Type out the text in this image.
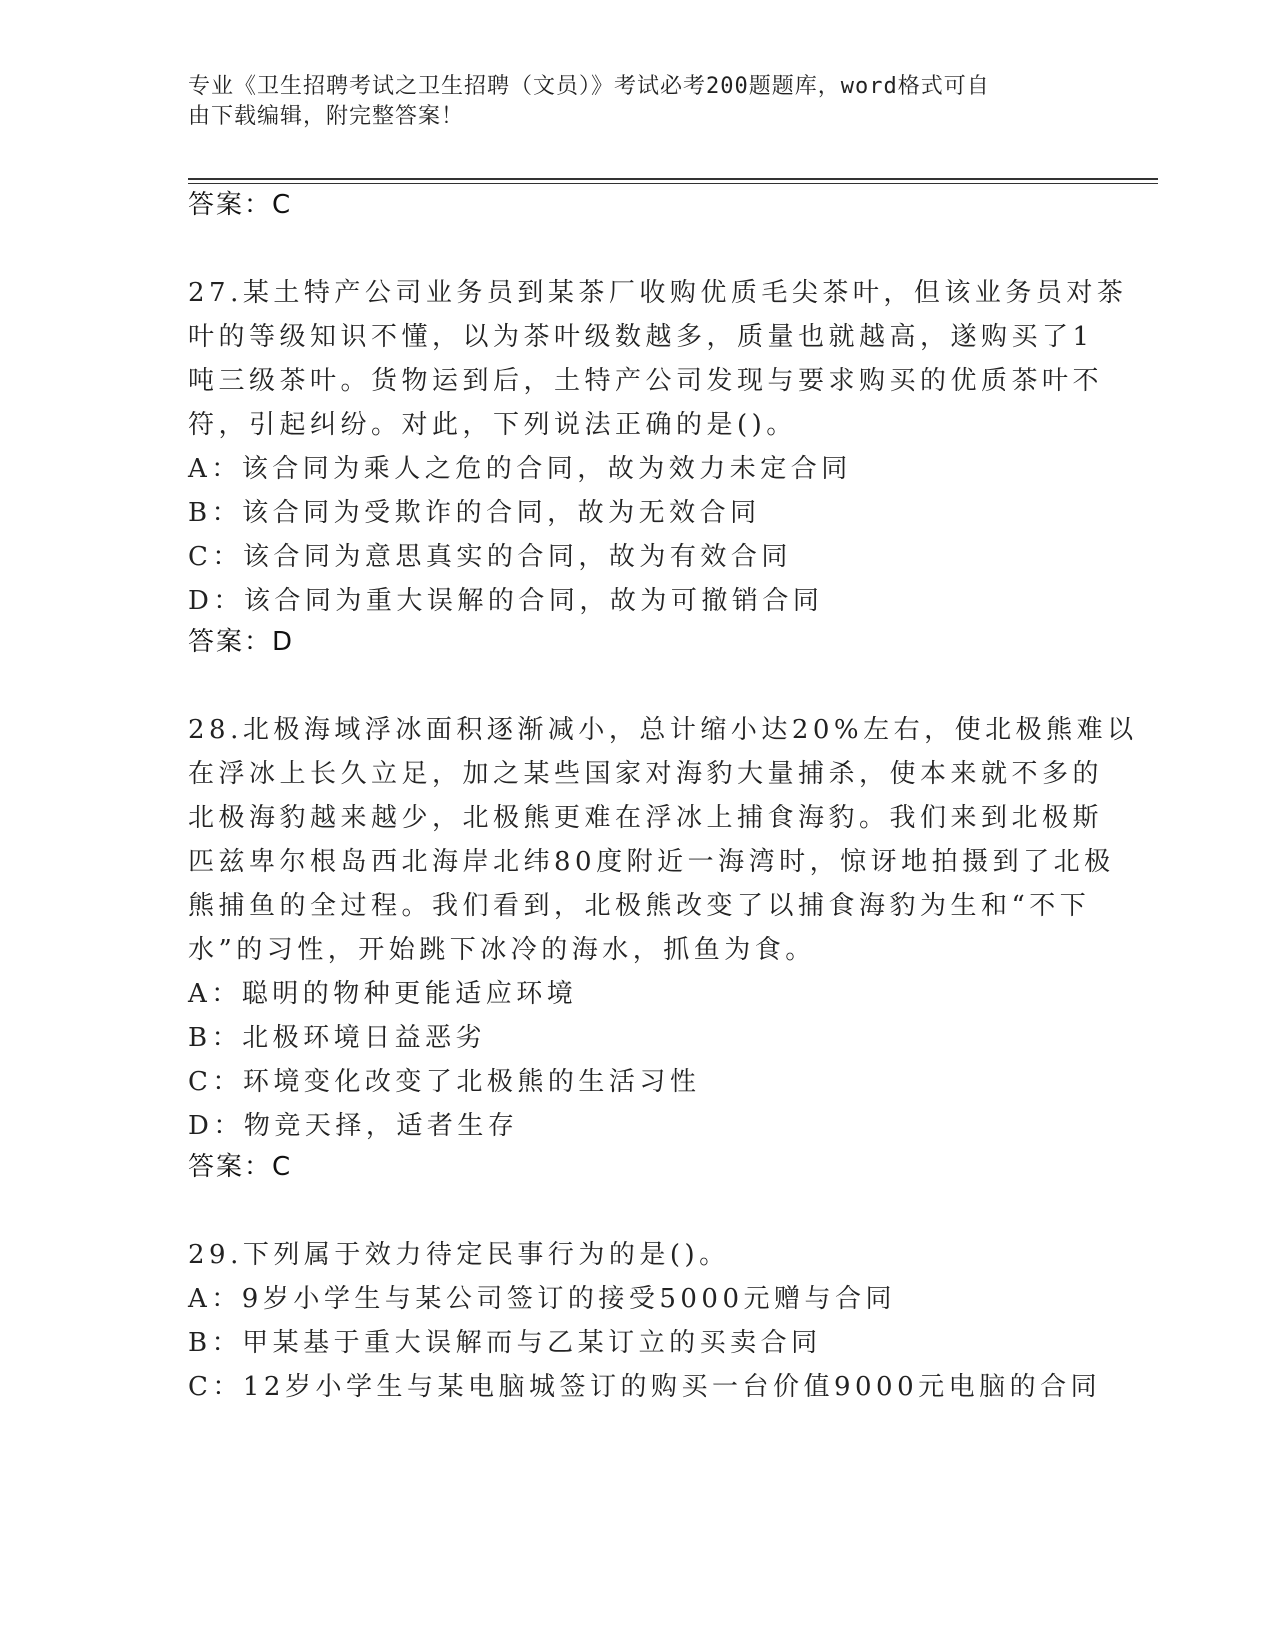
专业《卫生招聘考试之卫生招聘（文员）》考试必考200题题库，word格式可自

由下载编辑，附完整答案！

答案：C
27.某土特产公司业务员到某茶厂收购优质毛尖茶叶，但该业务员对茶
叶的等级知识不懂，以为茶叶级数越多，质量也就越高，遂购买了1
吨三级茶叶。货物运到后，土特产公司发现与要求购买的优质茶叶不
符，引起纠纷。对此，下列说法正确的是()。
A：该合同为乘人之危的合同，故为效力未定合同
B：该合同为受欺诈的合同，故为无效合同
C：该合同为意思真实的合同，故为有效合同
D：该合同为重大误解的合同，故为可撤销合同
答案：D
28.北极海域浮冰面积逐渐减小，总计缩小达20%左右，使北极熊难以
在浮冰上长久立足，加之某些国家对海豹大量捕杀，使本来就不多的
北极海豹越来越少，北极熊更难在浮冰上捕食海豹。我们来到北极斯
匹兹卑尔根岛西北海岸北纬80度附近一海湾时，惊讶地拍摄到了北极
熊捕鱼的全过程。我们看到，北极熊改变了以捕食海豹为生和“不下
水”的习性，开始跳下冰冷的海水，抓鱼为食。
A：聪明的物种更能适应环境
B：北极环境日益恶劣
C：环境变化改变了北极熊的生活习性
D：物竞天择，适者生存
答案：C
29.下列属于效力待定民事行为的是()。
A：9岁小学生与某公司签订的接受5000元赠与合同
B：甲某基于重大误解而与乙某订立的买卖合同
C：12岁小学生与某电脑城签订的购买一台价值9000元电脑的合同
